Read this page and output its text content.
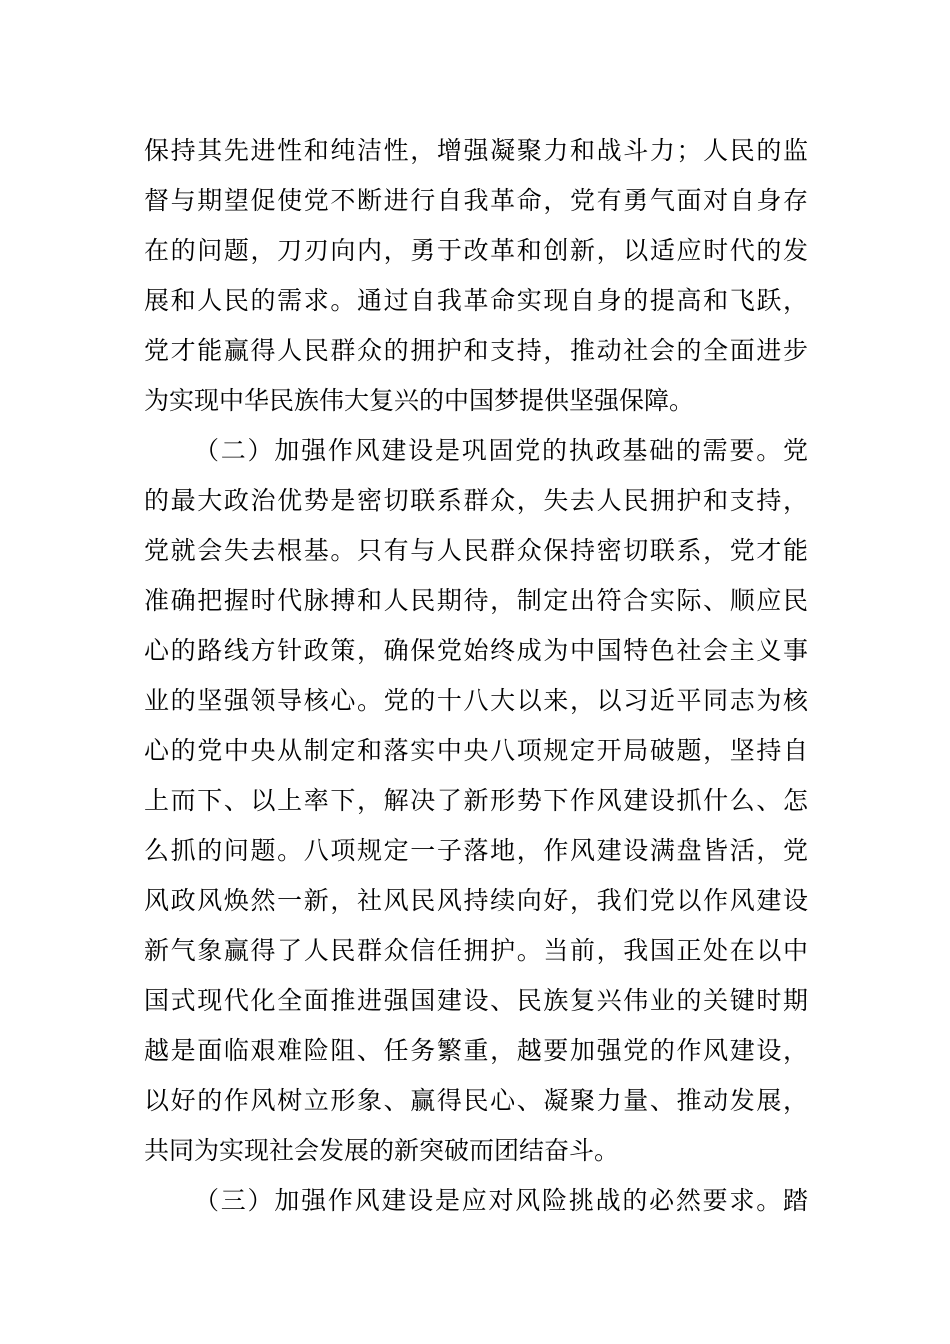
保持其先进性和纯洁性，增强凝聚力和战斗力；人民的监
督与期望促使党不断进行自我革命，党有勇气面对自身存
在的问题，刀刃向内，勇于改革和创新，以适应时代的发
展和人民的需求。通过自我革命实现自身的提高和飞跃，
党才能赢得人民群众的拥护和支持，推动社会的全面进步
为实现中华民族伟大复兴的中国梦提供坚强保障。
（二）加强作风建设是巩固党的执政基础的需要。党
的最大政治优势是密切联系群众，失去人民拥护和支持，
党就会失去根基。只有与人民群众保持密切联系，党才能
准确把握时代脉搏和人民期待，制定出符合实际、顺应民
心的路线方针政策，确保党始终成为中国特色社会主义事
业的坚强领导核心。党的十八大以来，以习近平同志为核
心的党中央从制定和落实中央八项规定开局破题，坚持自
上而下、以上率下，解决了新形势下作风建设抓什么、怎
么抓的问题。八项规定一子落地，作风建设满盘皆活，党
风政风焕然一新，社风民风持续向好，我们党以作风建设
新气象赢得了人民群众信任拥护。当前，我国正处在以中
国式现代化全面推进强国建设、民族复兴伟业的关键时期
越是面临艰难险阻、任务繁重，越要加强党的作风建设，
以好的作风树立形象、赢得民心、凝聚力量、推动发展，
共同为实现社会发展的新突破而团结奋斗。
（三）加强作风建设是应对风险挑战的必然要求。踏
